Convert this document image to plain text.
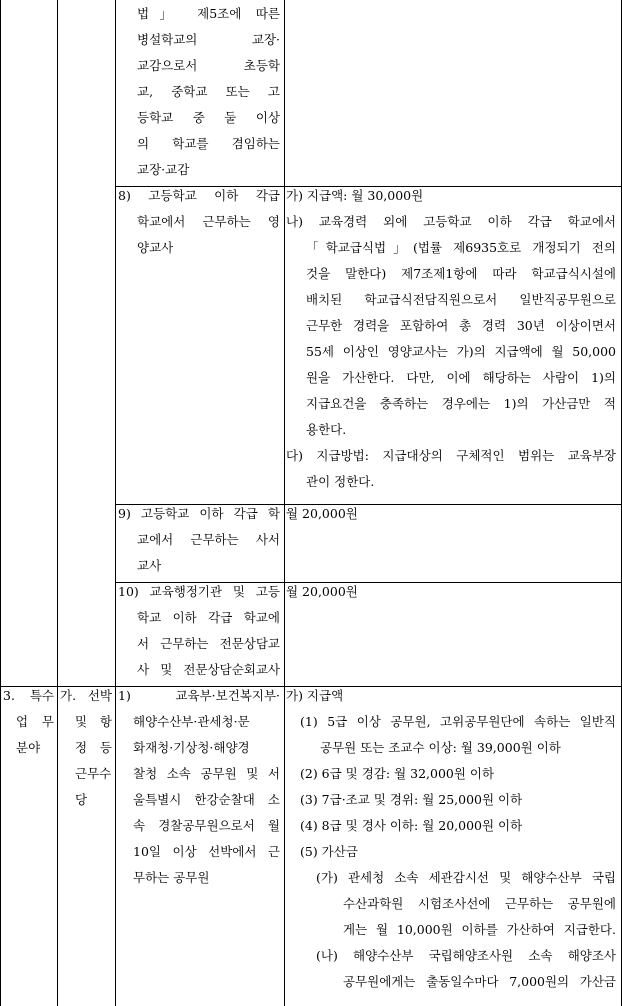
법」 제5조에 따른
병설학교의 교장·
교감으로서 초등학
교, 중학교 또는 고
등학교 중 둘 이상
의 학교를 겸임하는
교장·교감
8) 고등학교 이하 각급
학교에서 근무하는 영
양교사
가) 지급액: 월 30,000원
나) 교육경력 외에 고등학교 이하 각급 학교에서
「학교급식법」(법률 제6935호로 개정되기 전의
것을 말한다) 제7조제1항에 따라 학교급식시설에
배치된 학교급식전담직원으로서 일반직공무원으로
근무한 경력을 포함하여 총 경력 30년 이상이면서
55세 이상인 영양교사는 가)의 지급액에 월 50,000
원을 가산한다. 다만, 이에 해당하는 사람이 1)의
지급요건을 충족하는 경우에는 1)의 가산금만 적
용한다.
다) 지급방법: 지급대상의 구체적인 범위는 교육부장
관이 정한다.
9) 고등학교 이하 각급 학
교에서 근무하는 사서
교사
월 20,000원
10) 교육행정기관 및 고등
학교 이하 각급 학교에
서 근무하는 전문상담교
사 및 전문상담순회교사
월 20,000원
3. 특수
업 무
분야
가. 선박
및 항
정 등
근무수
당
1) 교육부·보건복지부·
해양수산부·관세청·문
화재청·기상청·해양경
찰청 소속 공무원 및 서
울특별시 한강순찰대 소
속 경찰공무원으로서 월
10일 이상 선박에서 근
무하는 공무원
가) 지급액
(1) 5급 이상 공무원, 고위공무원단에 속하는 일반직
공무원 또는 조교수 이상: 월 39,000원 이하
(2) 6급 및 경감: 월 32,000원 이하
(3) 7급·조교 및 경위: 월 25,000원 이하
(4) 8급 및 경사 이하: 월 20,000원 이하
(5) 가산금
(가) 관세청 소속 세관감시선 및 해양수산부 국립
수산과학원 시험조사선에 근무하는 공무원에
게는 월 10,000원 이하를 가산하여 지급한다.
(나) 해양수산부 국립해양조사원 소속 해양조사
공무원에게는 출동일수마다 7,000원의 가산금
